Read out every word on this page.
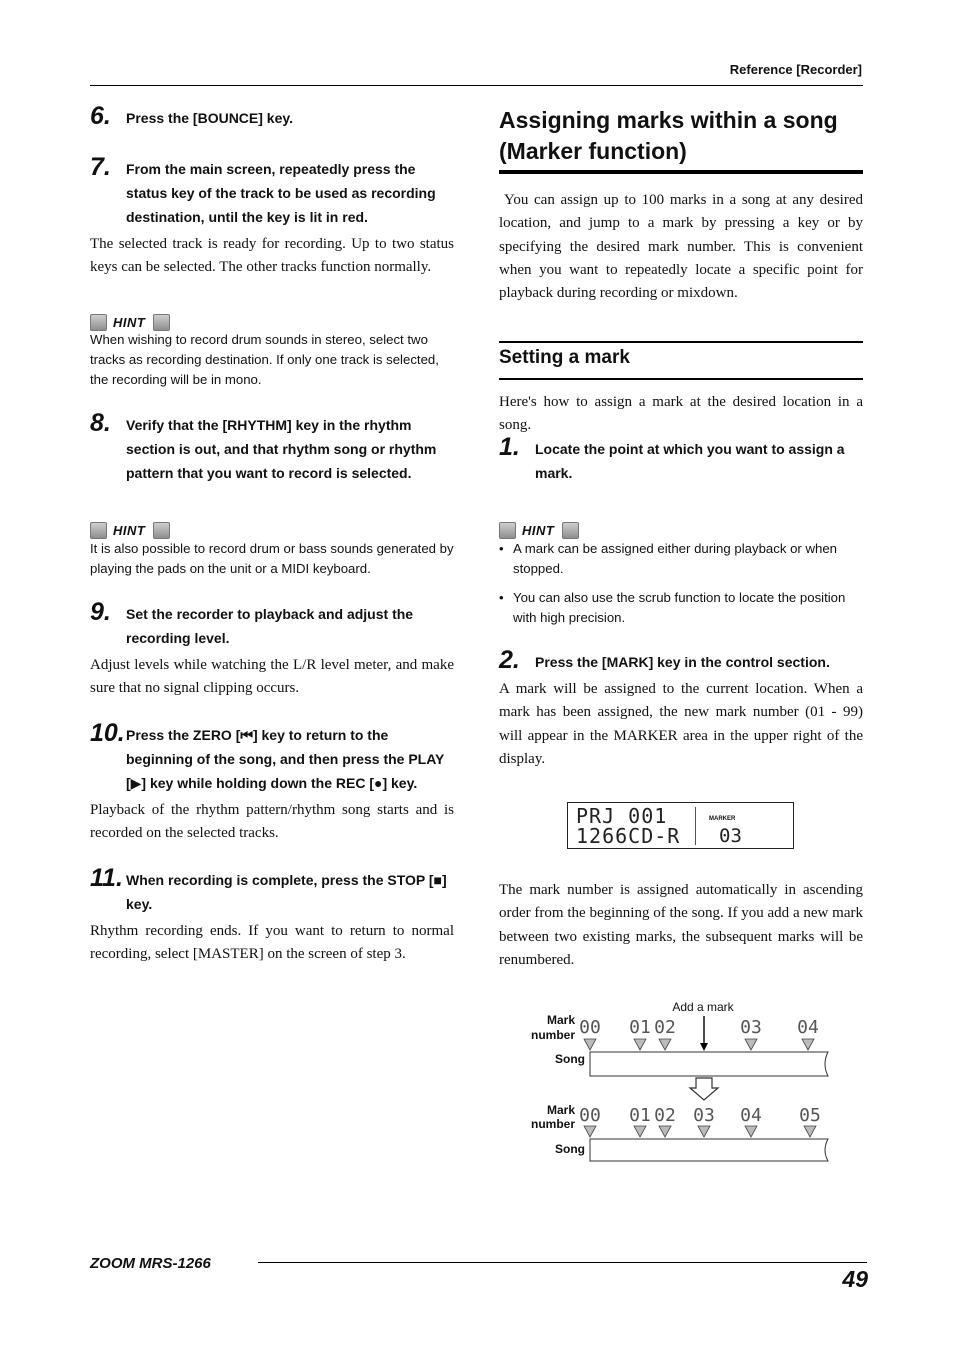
Reference [Recorder]
6. Press the [BOUNCE] key.
7. From the main screen, repeatedly press the status key of the track to be used as recording destination, until the key is lit in red.
The selected track is ready for recording. Up to two status keys can be selected. The other tracks function normally.
HINT
When wishing to record drum sounds in stereo, select two tracks as recording destination. If only one track is selected, the recording will be in mono.
8. Verify that the [RHYTHM] key in the rhythm section is out, and that rhythm song or rhythm pattern that you want to record is selected.
HINT
It is also possible to record drum or bass sounds generated by playing the pads on the unit or a MIDI keyboard.
9. Set the recorder to playback and adjust the recording level.
Adjust levels while watching the L/R level meter, and make sure that no signal clipping occurs.
10. Press the ZERO [⏮] key to return to the beginning of the song, and then press the PLAY [▶] key while holding down the REC [●] key.
Playback of the rhythm pattern/rhythm song starts and is recorded on the selected tracks.
11. When recording is complete, press the STOP [■] key.
Rhythm recording ends. If you want to return to normal recording, select [MASTER] on the screen of step 3.
Assigning marks within a song
(Marker function)
You can assign up to 100 marks in a song at any desired location, and jump to a mark by pressing a key or by specifying the desired mark number. This is convenient when you want to repeatedly locate a specific point for playback during recording or mixdown.
Setting a mark
Here's how to assign a mark at the desired location in a song.
1. Locate the point at which you want to assign a mark.
HINT
• A mark can be assigned either during playback or when stopped.
• You can also use the scrub function to locate the position with high precision.
2. Press the [MARK] key in the control section.
A mark will be assigned to the current location. When a mark has been assigned, the new mark number (01 - 99) will appear in the MARKER area in the upper right of the display.
The mark number is assigned automatically in ascending order from the beginning of the song. If you add a new mark between two existing marks, the subsequent marks will be renumbered.
PRJ 001
1266CD-R
MARKER
03
Add a mark
Mark
number
Song
Mark
number
Song
00 01 02	03 04
00 01 02 03 04 05
ZOOM MRS-1266
49
